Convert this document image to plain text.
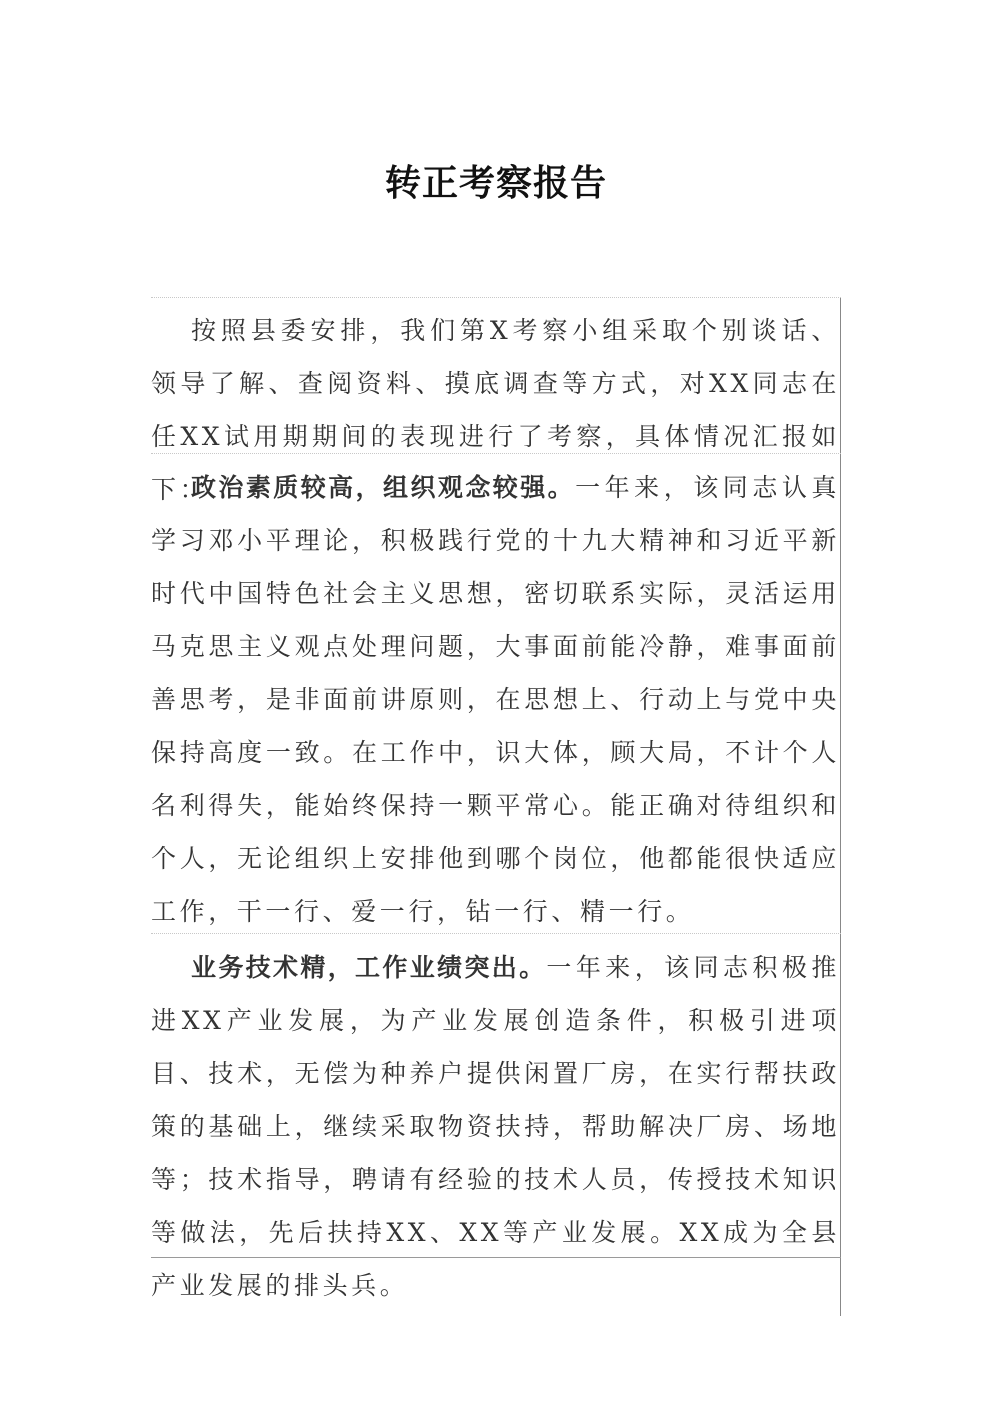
转正考察报告

按照县委安排，我们第X考察小组采取个别谈话、领导了解、查阅资料、摸底调查等方式，对XX同志在任XX试用期期间的表现进行了考察，具体情况汇报如下：

政治素质较高，组织观念较强。一年来，该同志认真学习邓小平理论，积极践行党的十九大精神和习近平新时代中国特色社会主义思想，密切联系实际，灵活运用马克思主义观点处理问题，大事面前能冷静，难事面前善思考，是非面前讲原则，在思想上、行动上与党中央保持高度一致。在工作中，识大体，顾大局，不计个人名利得失，能始终保持一颗平常心。能正确对待组织和个人，无论组织上安排他到哪个岗位，他都能很快适应工作，干一行、爱一行，钻一行、精一行。

业务技术精，工作业绩突出。一年来，该同志积极推进XX产业发展，为产业发展创造条件，积极引进项目、技术，无偿为种养户提供闲置厂房，在实行帮扶政策的基础上，继续采取物资扶持，帮助解决厂房、场地等；技术指导，聘请有经验的技术人员，传授技术知识等做法，先后扶持XX、XX等产业发展。XX成为全县产业发展的排头兵。
